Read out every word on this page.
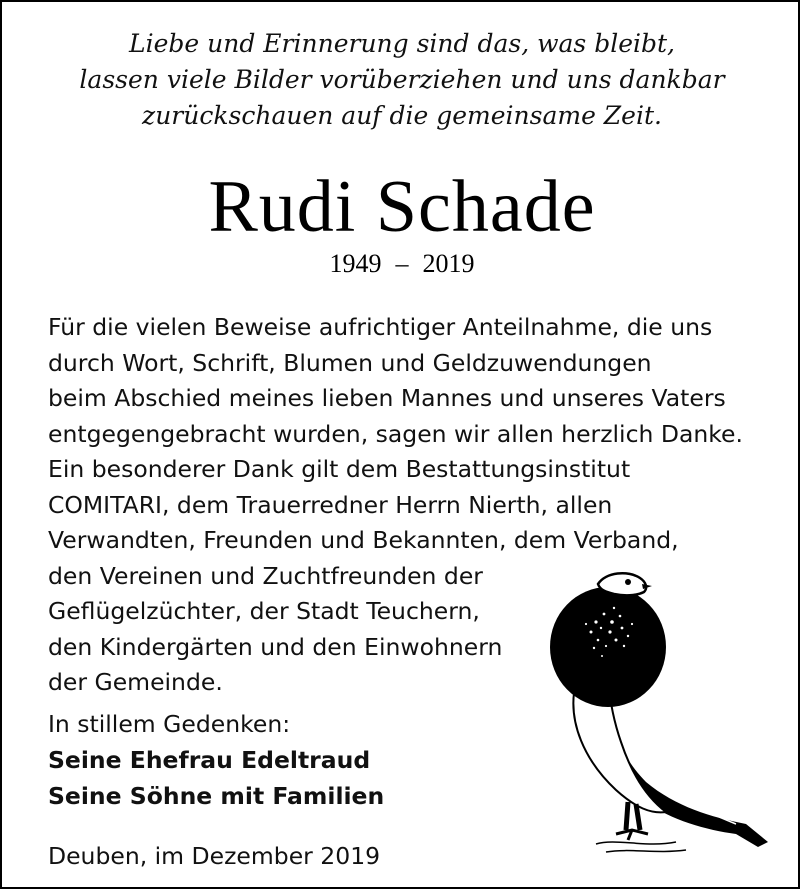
Liebe und Erinnerung sind das, was bleibt,
lassen viele Bilder vorüberziehen und uns dankbar
zurückschauen auf die gemeinsame Zeit.
Rudi Schade
1949 – 2019
Für die vielen Beweise aufrichtiger Anteilnahme, die uns
durch Wort, Schrift, Blumen und Geldzuwendungen
beim Abschied meines lieben Mannes und unseres Vaters
entgegengebracht wurden, sagen wir allen herzlich Danke.
Ein besonderer Dank gilt dem Bestattungsinstitut
COMITARI, dem Trauerredner Herrn Nierth, allen
Verwandten, Freunden und Bekannten, dem Verband,
den Vereinen und Zuchtfreunden der
Geflügelzüchter, der Stadt Teuchern,
den Kindergärten und den Einwohnern
der Gemeinde.
In stillem Gedenken:
Seine Ehefrau Edeltraud
Seine Söhne mit Familien
Deuben, im Dezember 2019
